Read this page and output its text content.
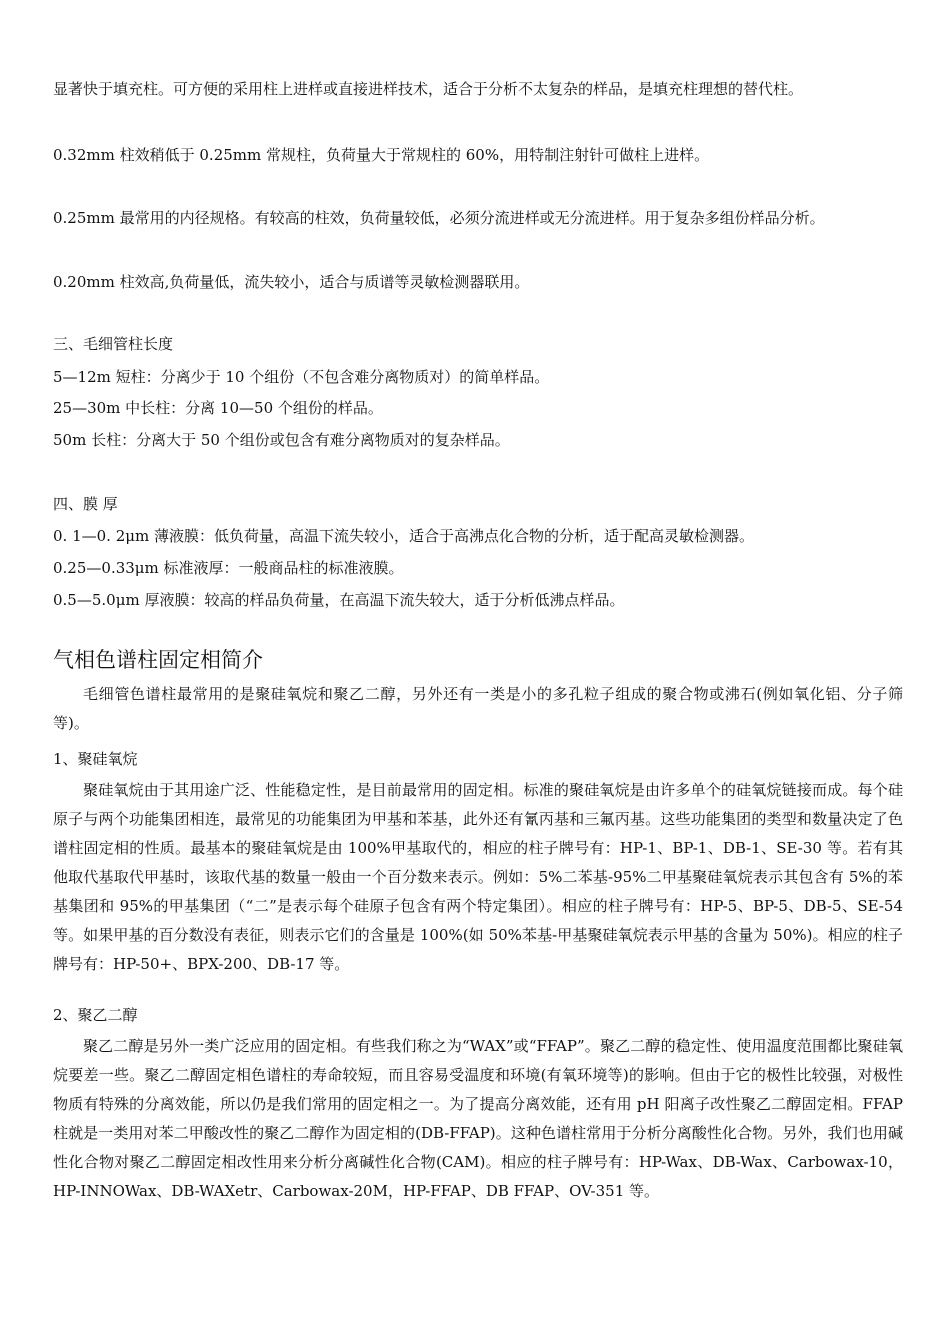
显著快于填充柱。可方便的采用柱上进样或直接进样技术，适合于分析不太复杂的样品，是填充柱理想的替代柱。
0.32mm 柱效稍低于 0.25mm 常规柱，负荷量大于常规柱的 60%，用特制注射针可做柱上进样。
0.25mm 最常用的内径规格。有较高的柱效，负荷量较低，必须分流进样或无分流进样。用于复杂多组份样品分析。
0.20mm 柱效高,负荷量低，流失较小，适合与质谱等灵敏检测器联用。
三、毛细管柱长度
5—12m 短柱：分离少于 10 个组份（不包含难分离物质对）的简单样品。
25—30m 中长柱：分离 10—50 个组份的样品。
50m 长柱：分离大于 50 个组份或包含有难分离物质对的复杂样品。
四、膜 厚
0. 1—0. 2μm 薄液膜：低负荷量，高温下流失较小，适合于高沸点化合物的分析，适于配高灵敏检测器。
0.25—0.33μm 标准液厚：一般商品柱的标准液膜。
0.5—5.0μm 厚液膜：较高的样品负荷量，在高温下流失较大，适于分析低沸点样品。
气相色谱柱固定相简介
毛细管色谱柱最常用的是聚硅氧烷和聚乙二醇，另外还有一类是小的多孔粒子组成的聚合物或沸石(例如氧化铝、分子筛等)。
1、聚硅氧烷
聚硅氧烷由于其用途广泛、性能稳定性，是目前最常用的固定相。标准的聚硅氧烷是由许多单个的硅氧烷链接而成。每个硅原子与两个功能集团相连，最常见的功能集团为甲基和苯基，此外还有氰丙基和三氟丙基。这些功能集团的类型和数量决定了色谱柱固定相的性质。最基本的聚硅氧烷是由 100%甲基取代的，相应的柱子牌号有：HP-1、BP-1、DB-1、SE-30 等。若有其他取代基取代甲基时，该取代基的数量一般由一个百分数来表示。例如：5%二苯基-95%二甲基聚硅氧烷表示其包含有 5%的苯基集团和 95%的甲基集团（“二”是表示每个硅原子包含有两个特定集团）。相应的柱子牌号有：HP-5、BP-5、DB-5、SE-54 等。如果甲基的百分数没有表征，则表示它们的含量是 100%(如 50%苯基-甲基聚硅氧烷表示甲基的含量为 50%)。相应的柱子牌号有：HP-50+、BPX-200、DB-17 等。
2、聚乙二醇
聚乙二醇是另外一类广泛应用的固定相。有些我们称之为“WAX”或“FFAP”。聚乙二醇的稳定性、使用温度范围都比聚硅氧烷要差一些。聚乙二醇固定相色谱柱的寿命较短，而且容易受温度和环境(有氧环境等)的影响。但由于它的极性比较强，对极性物质有特殊的分离效能，所以仍是我们常用的固定相之一。为了提高分离效能，还有用 pH 阳离子改性聚乙二醇固定相。FFAP 柱就是一类用对苯二甲酸改性的聚乙二醇作为固定相的(DB-FFAP)。这种色谱柱常用于分析分离酸性化合物。另外，我们也用碱性化合物对聚乙二醇固定相改性用来分析分离碱性化合物(CAM)。相应的柱子牌号有：HP-Wax、DB-Wax、Carbowax-10，HP-INNOWax、DB-WAXetr、Carbowax-20M，HP-FFAP、DB FFAP、OV-351 等。
